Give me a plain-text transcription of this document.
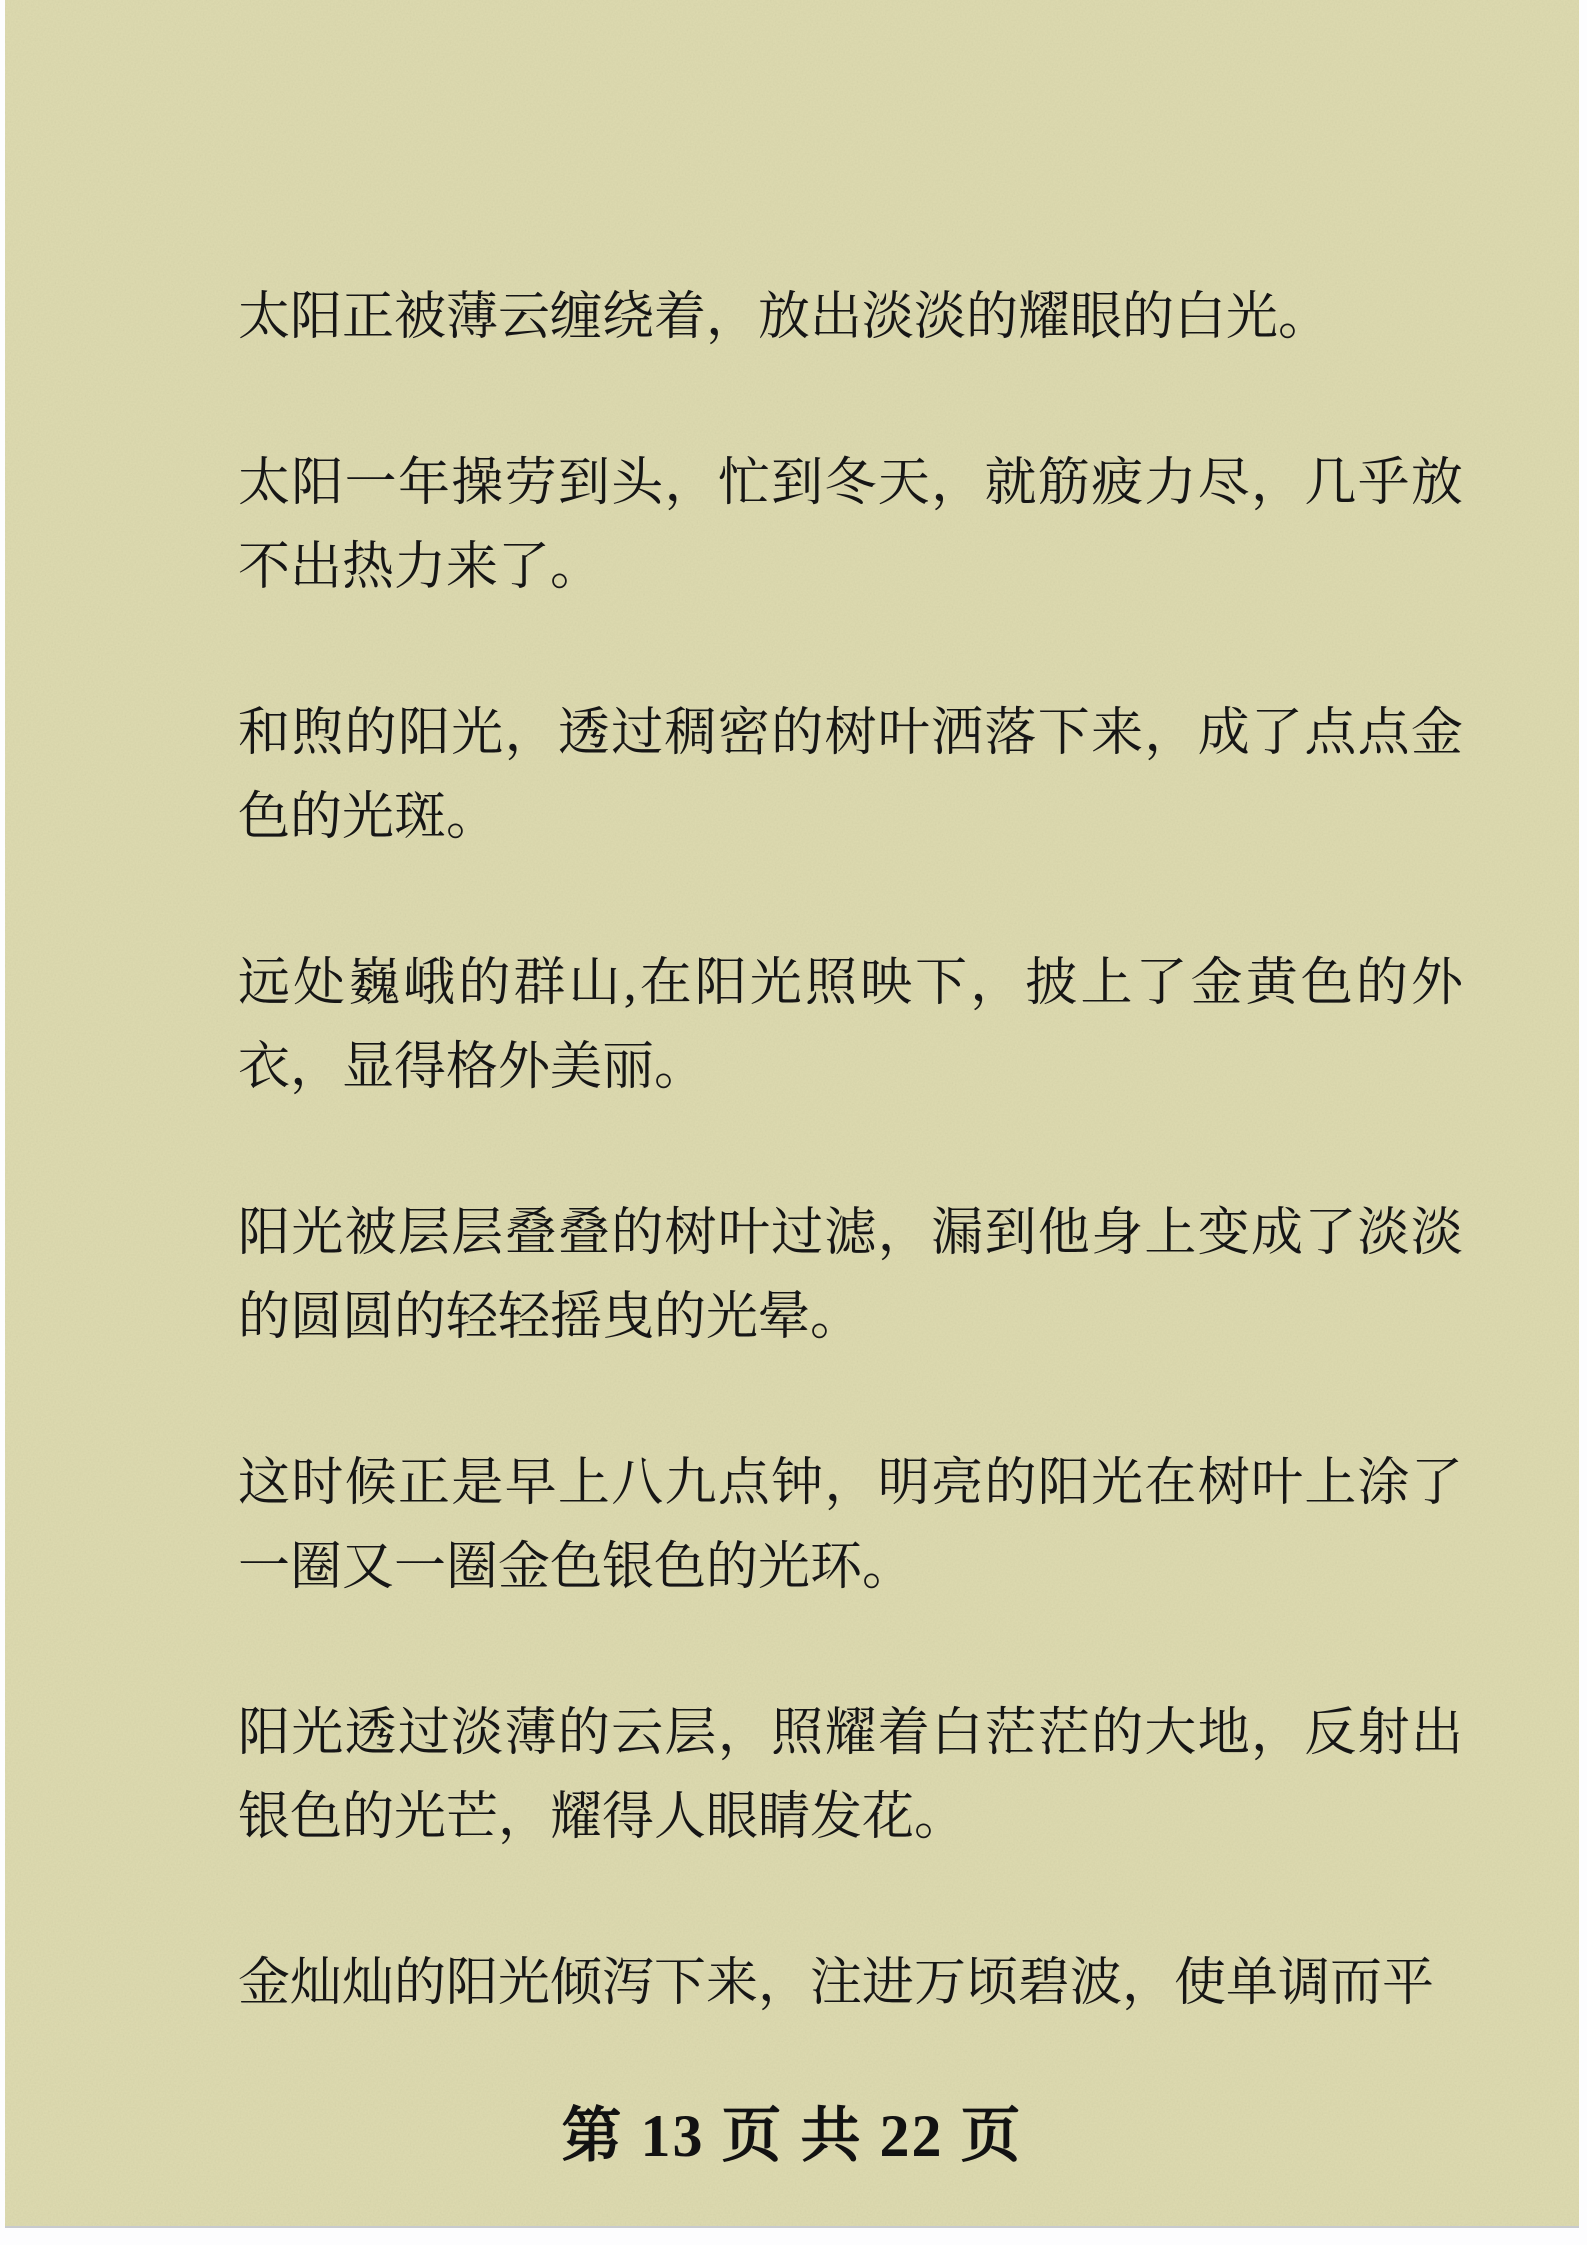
太阳正被薄云缠绕着，放出淡淡的耀眼的白光。

太阳一年操劳到头，忙到冬天，就筋疲力尽，几乎放不出热力来了。

和煦的阳光，透过稠密的树叶洒落下来，成了点点金色的光斑。

远处巍峨的群山,在阳光照映下，披上了金黄色的外衣，显得格外美丽。

阳光被层层叠叠的树叶过滤，漏到他身上变成了淡淡的圆圆的轻轻摇曳的光晕。

这时候正是早上八九点钟，明亮的阳光在树叶上涂了一圈又一圈金色银色的光环。

阳光透过淡薄的云层，照耀着白茫茫的大地，反射出银色的光芒，耀得人眼睛发花。

金灿灿的阳光倾泻下来，注进万顷碧波，使单调而平

第 13 页 共 22 页
